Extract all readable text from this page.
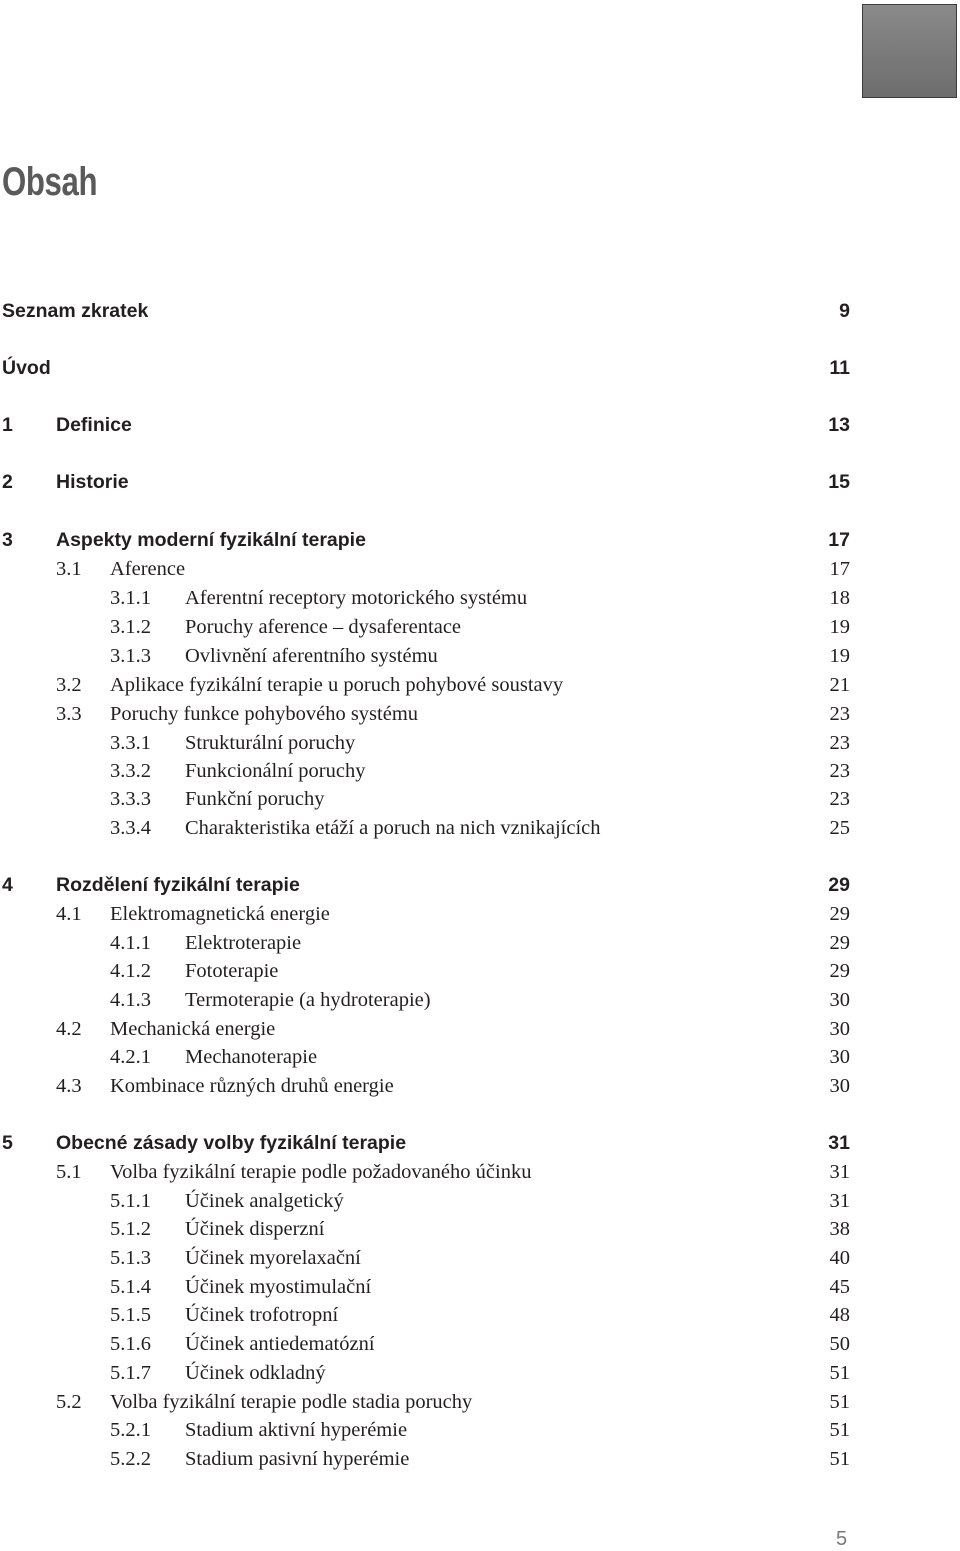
Obsah
Seznam zkratek	9
Úvod	11
1	Definice	13
2	Historie	15
3	Aspekty moderní fyzikální terapie	17
3.1	Aference	17
3.1.1	Aferentní receptory motorického systému	18
3.1.2	Poruchy aference – dysaferentace	19
3.1.3	Ovlivnění aferentního systému	19
3.2	Aplikace fyzikální terapie u poruch pohybové soustavy	21
3.3	Poruchy funkce pohybového systému	23
3.3.1	Strukturální poruchy	23
3.3.2	Funkcionální poruchy	23
3.3.3	Funkční poruchy	23
3.3.4	Charakteristika etáží a poruch na nich vznikajících	25
4	Rozdělení fyzikální terapie	29
4.1	Elektromagnetická energie	29
4.1.1	Elektroterapie	29
4.1.2	Fototerapie	29
4.1.3	Termoterapie (a hydroterapie)	30
4.2	Mechanická energie	30
4.2.1	Mechanoterapie	30
4.3	Kombinace různých druhů energie	30
5	Obecné zásady volby fyzikální terapie	31
5.1	Volba fyzikální terapie podle požadovaného účinku	31
5.1.1	Účinek analgetický	31
5.1.2	Účinek disperzní	38
5.1.3	Účinek myorelaxační	40
5.1.4	Účinek myostimulační	45
5.1.5	Účinek trofotropní	48
5.1.6	Účinek antiedematózní	50
5.1.7	Účinek odkladný	51
5.2	Volba fyzikální terapie podle stadia poruchy	51
5.2.1	Stadium aktivní hyperémie	51
5.2.2	Stadium pasivní hyperémie	51
5
